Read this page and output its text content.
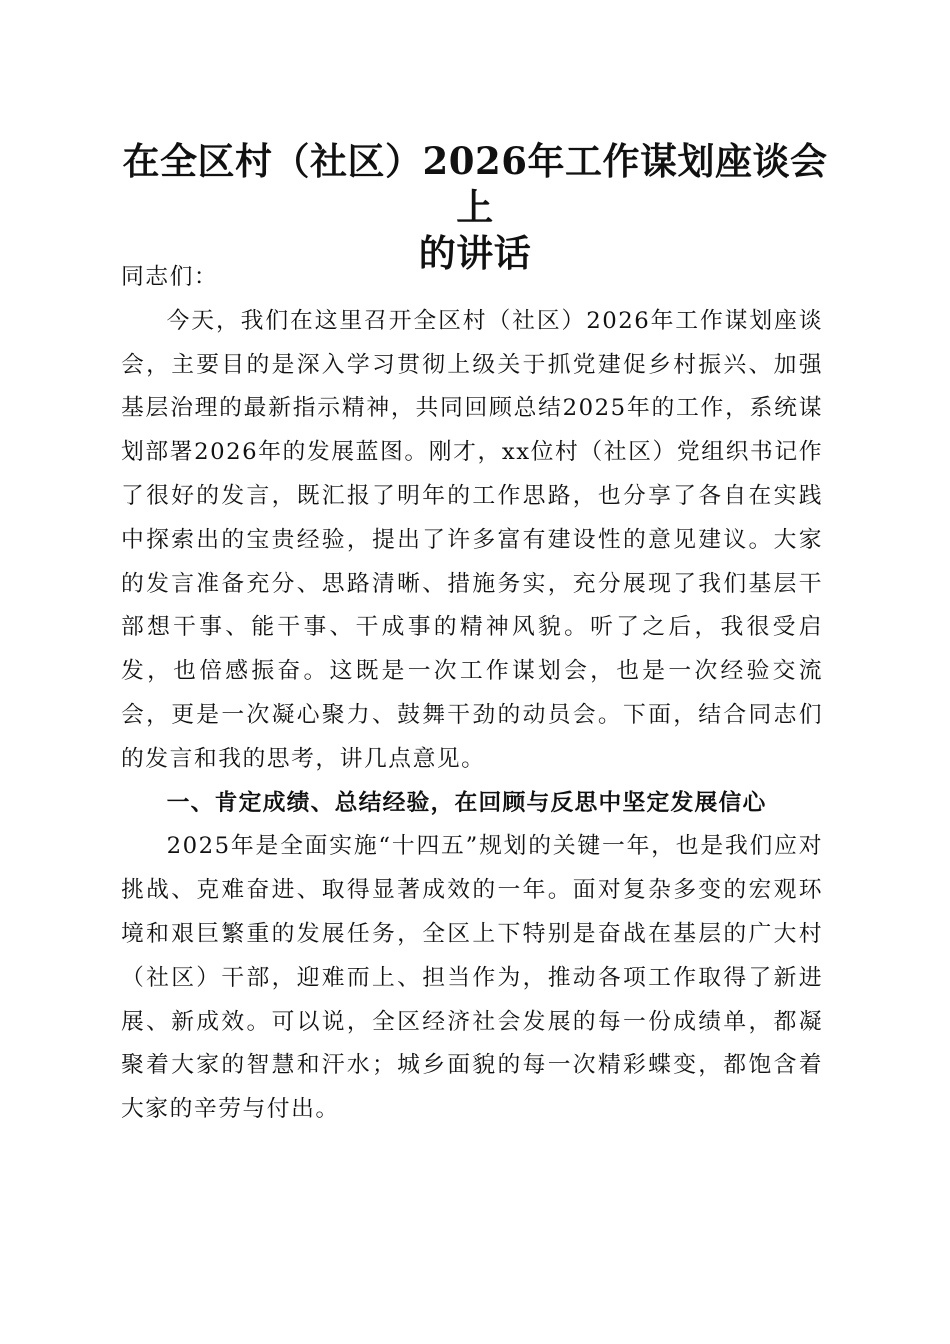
在全区村（社区）2026年工作谋划座谈会上
的讲话

同志们：

今天，我们在这里召开全区村（社区）2026年工作谋划座谈会，主要目的是深入学习贯彻上级关于抓党建促乡村振兴、加强基层治理的最新指示精神，共同回顾总结2025年的工作，系统谋划部署2026年的发展蓝图。刚才，xx位村（社区）党组织书记作了很好的发言，既汇报了明年的工作思路，也分享了各自在实践中探索出的宝贵经验，提出了许多富有建设性的意见建议。大家的发言准备充分、思路清晰、措施务实，充分展现了我们基层干部想干事、能干事、干成事的精神风貌。听了之后，我很受启发，也倍感振奋。这既是一次工作谋划会，也是一次经验交流会，更是一次凝心聚力、鼓舞干劲的动员会。下面，结合同志们的发言和我的思考，讲几点意见。

一、肯定成绩、总结经验，在回顾与反思中坚定发展信心

2025年是全面实施“十四五”规划的关键一年，也是我们应对挑战、克难奋进、取得显著成效的一年。面对复杂多变的宏观环境和艰巨繁重的发展任务，全区上下特别是奋战在基层的广大村（社区）干部，迎难而上、担当作为，推动各项工作取得了新进展、新成效。可以说，全区经济社会发展的每一份成绩单，都凝聚着大家的智慧和汗水；城乡面貌的每一次精彩蝶变，都饱含着大家的辛劳与付出。
